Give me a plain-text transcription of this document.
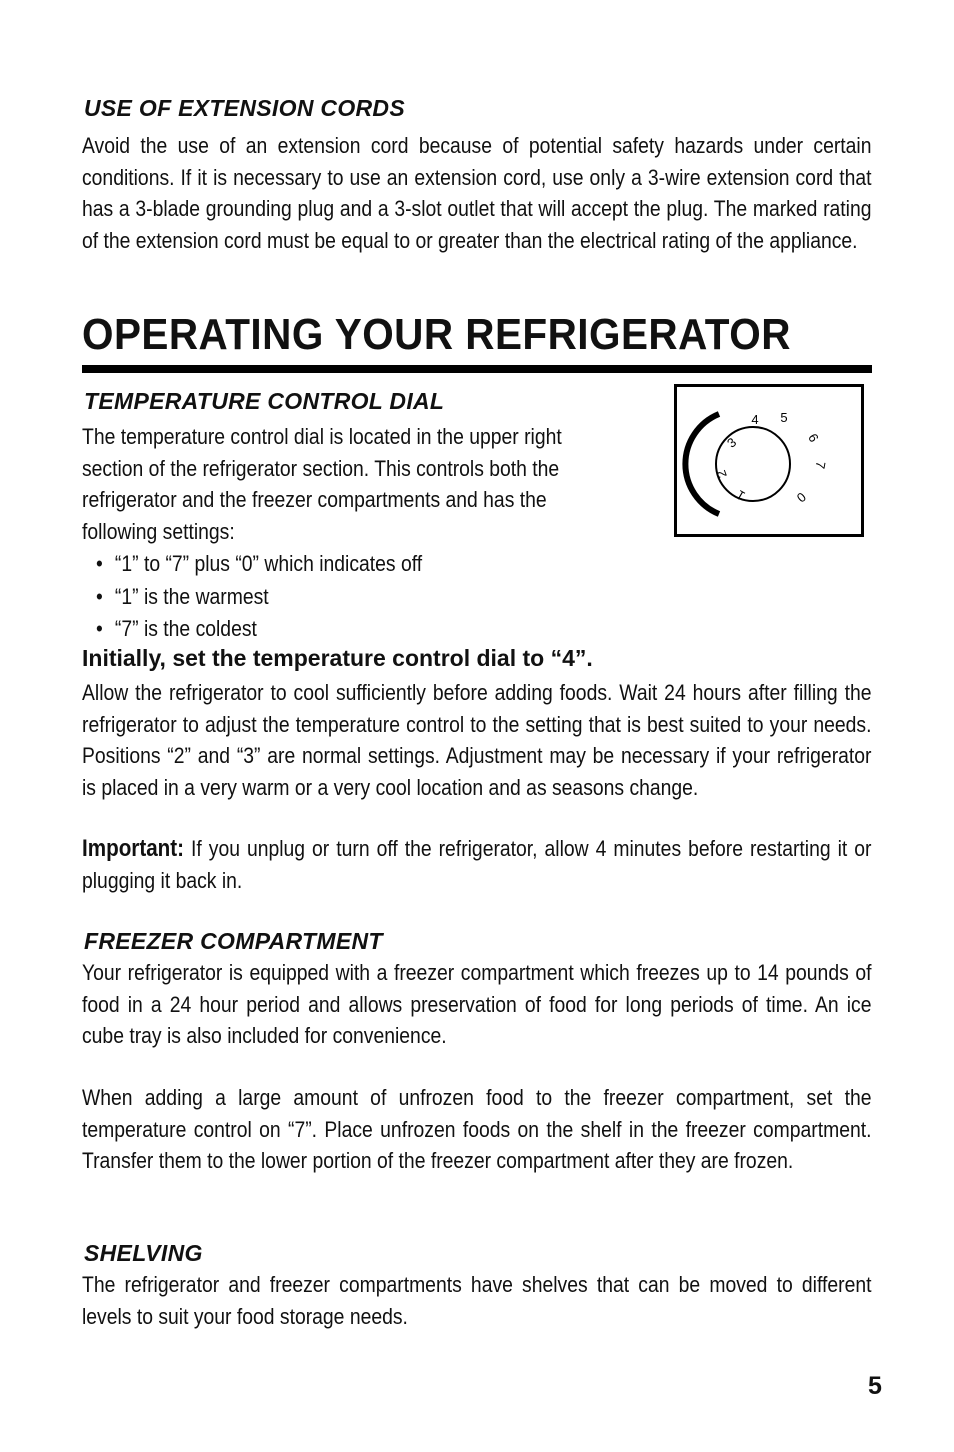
USE OF EXTENSION CORDS

Avoid the use of an extension cord because of potential safety hazards under certain conditions. If it is necessary to use an extension cord, use only a 3-wire extension cord that has a 3-blade grounding plug and a 3-slot outlet that will accept the plug. The marked rating of the extension cord must be equal to or greater than the electrical rating of the appliance.

OPERATING YOUR REFRIGERATOR
TEMPERATURE CONTROL DIAL

The temperature control dial is located in the upper right section of the refrigerator section. This controls both the refrigerator and the freezer compartments and has the following settings:

1
2
3
4 5
6
7
0
• “1” to “7” plus “0” which indicates off
• “1” is the warmest
• “7” is the coldest

Initially, set the temperature control dial to “4”.

Allow the refrigerator to cool sufficiently before adding foods. Wait 24 hours after filling the refrigerator to adjust the temperature control to the setting that is best suited to your needs. Positions “2” and “3” are normal settings. Adjustment may be necessary if your refrigerator is placed in a very warm or a very cool location and as seasons change.

Important: If you unplug or turn off the refrigerator, allow 4 minutes before restarting it or plugging it back in.

FREEZER COMPARTMENT

Your refrigerator is equipped with a freezer compartment which freezes up to 14 pounds of food in a 24 hour period and allows preservation of food for long periods of time. An ice cube tray is also included for convenience.

When adding a large amount of unfrozen food to the freezer compartment, set the temperature control on “7”. Place unfrozen foods on the shelf in the freezer compartment. Transfer them to the lower portion of the freezer compartment after they are frozen.

SHELVING

The refrigerator and freezer compartments have shelves that can be moved to different levels to suit your food storage needs.

5
